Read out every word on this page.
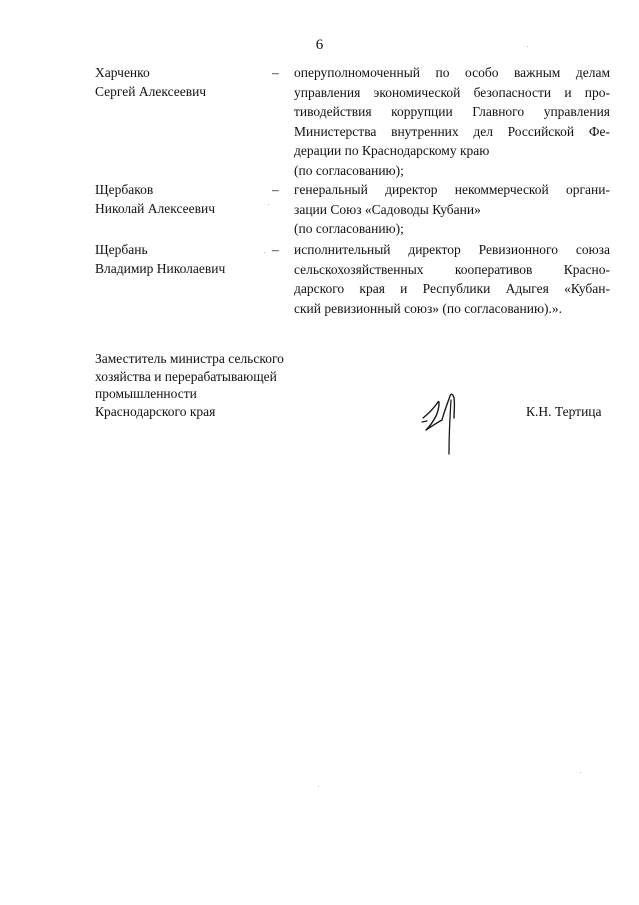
6
Харченко
Сергей Алексеевич
– оперуполномоченный по особо важным делам
управления экономической безопасности и про-
тиводействия коррупции Главного управления
Министерства внутренних дел Российской Фе-
дерации по Краснодарскому краю
(по согласованию);
Щербаков
Николай Алексеевич
– генеральный директор некоммерческой органи-
зации Союз «Садоводы Кубани»
(по согласованию);
Щербань
Владимир Николаевич
– исполнительный директор Ревизионного союза
сельскохозяйственных кооперативов Красно-
дарского края и Республики Адыгея «Кубан-
ский ревизионный союз» (по согласованию).».
Заместитель министра сельского
хозяйства и перерабатывающей
промышленности
Краснодарского края	К.Н. Тертица
